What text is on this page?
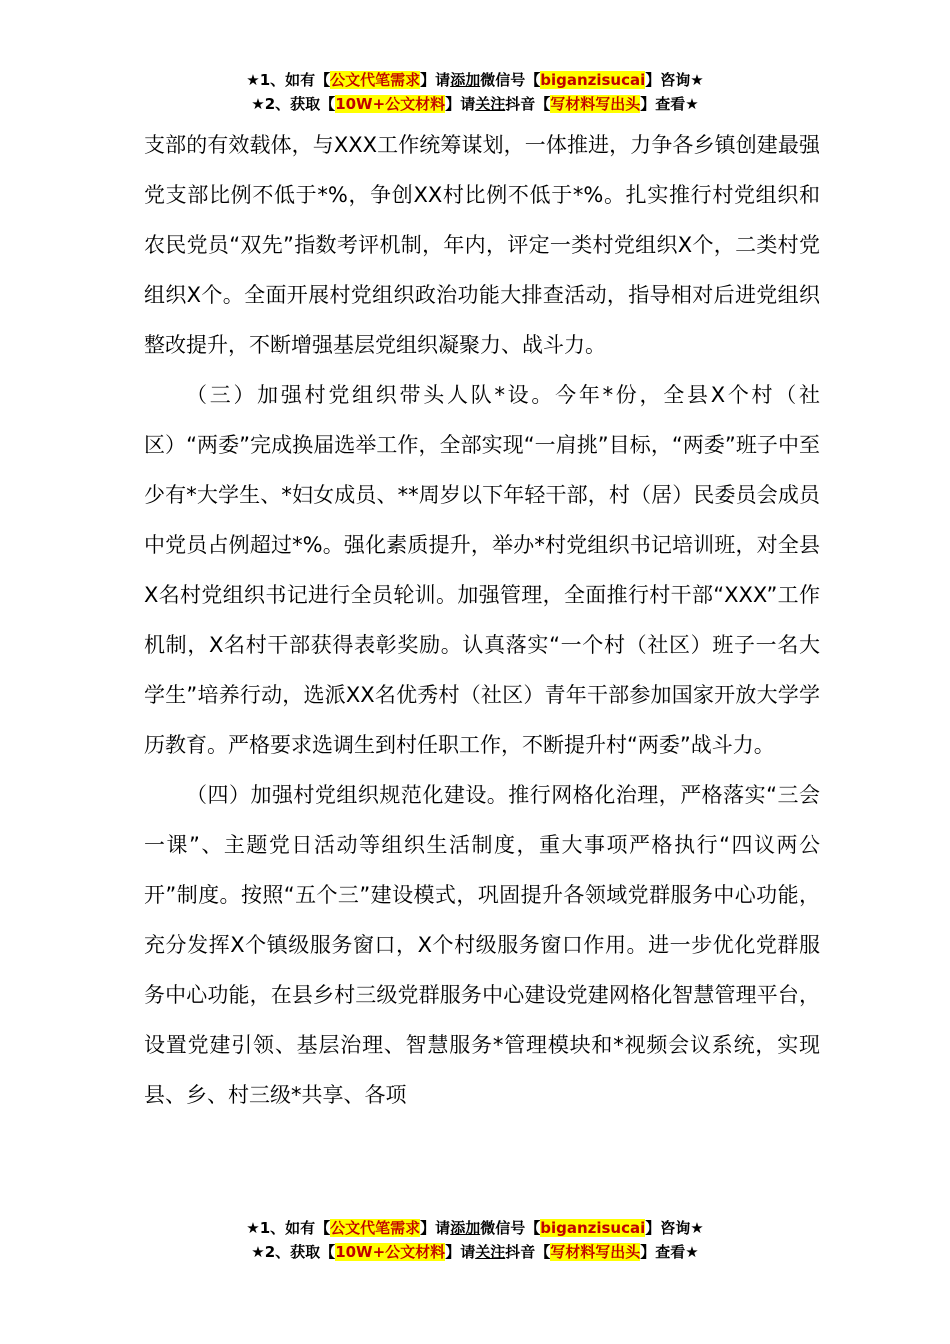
★1、如有【公文代笔需求】请添加微信号【biganzisucai】咨询★
★2、获取【10W+公文材料】请关注抖音【写材料写出头】查看★

支部的有效载体，与XXX工作统筹谋划，一体推进，力争各乡镇创建最强党支部比例不低于*%，争创XX村比例不低于*%。扎实推行村党组织和农民党员“双先”指数考评机制，年内，评定一类村党组织X个，二类村党组织X个。全面开展村党组织政治功能大排查活动，指导相对后进党组织整改提升，不断增强基层党组织凝聚力、战斗力。

（三）加强村党组织带头人队*设。今年*份，全县X个村（社区）“两委”完成换届选举工作，全部实现“一肩挑”目标，“两委”班子中至少有*大学生、*妇女成员、**周岁以下年轻干部，村（居）民委员会成员中党员占例超过*%。强化素质提升，举办*村党组织书记培训班，对全县X名村党组织书记进行全员轮训。加强管理，全面推行村干部“XXX”工作机制，X名村干部获得表彰奖励。认真落实“一个村（社区）班子一名大学生”培养行动，选派XX名优秀村（社区）青年干部参加国家开放大学学历教育。严格要求选调生到村任职工作，不断提升村“两委”战斗力。

（四）加强村党组织规范化建设。推行网格化治理，严格落实“三会一课”、主题党日活动等组织生活制度，重大事项严格执行“四议两公开”制度。按照“五个三”建设模式，巩固提升各领域党群服务中心功能，充分发挥X个镇级服务窗口，X个村级服务窗口作用。进一步优化党群服务中心功能，在县乡村三级党群服务中心建设党建网格化智慧管理平台，设置党建引领、基层治理、智慧服务*管理模块和*视频会议系统，实现县、乡、村三级*共享、各项

★1、如有【公文代笔需求】请添加微信号【biganzisucai】咨询★
★2、获取【10W+公文材料】请关注抖音【写材料写出头】查看★
